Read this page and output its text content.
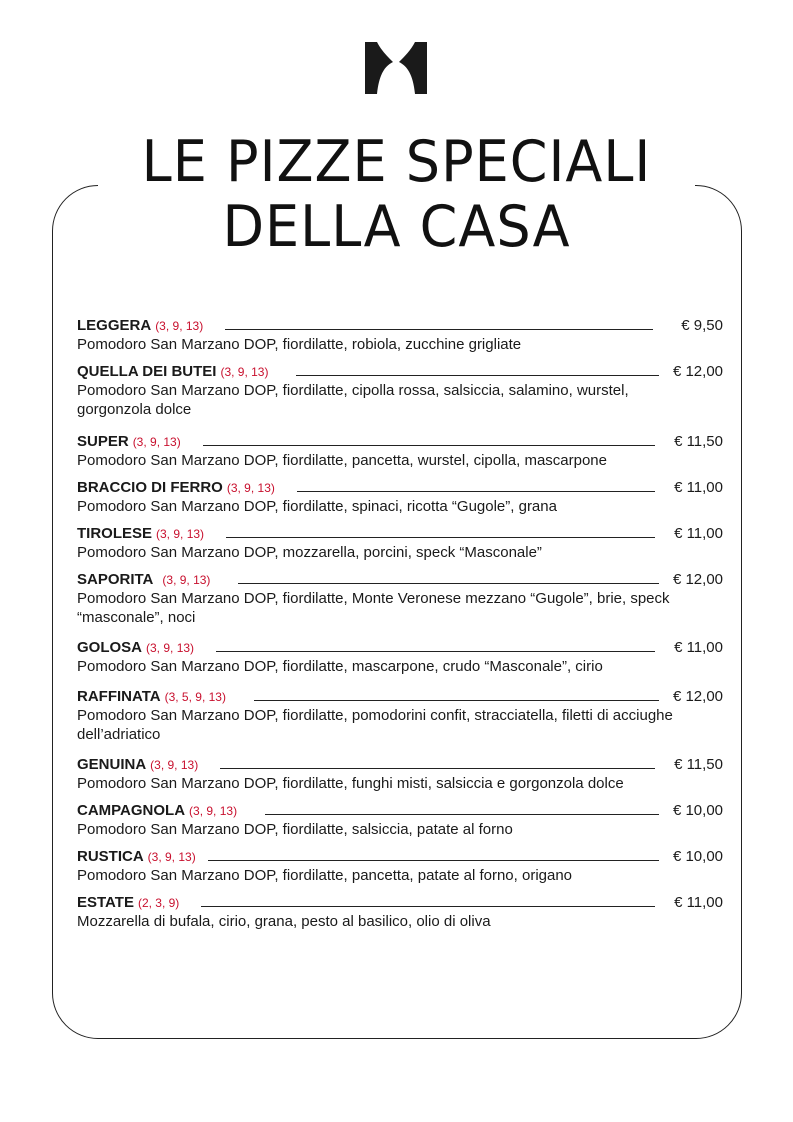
LE PIZZE SPECIALI
DELLA CASA
LEGGERA (3, 9, 13)	€ 9,50
Pomodoro San Marzano DOP, fiordilatte, robiola, zucchine grigliate
QUELLA DEI BUTEI (3, 9, 13)	€ 12,00
Pomodoro San Marzano DOP, fiordilatte, cipolla rossa, salsiccia, salamino, wurstel, gorgonzola dolce
SUPER (3, 9, 13)	€ 11,50
Pomodoro San Marzano DOP, fiordilatte, pancetta, wurstel, cipolla, mascarpone
BRACCIO DI FERRO (3, 9, 13)	€ 11,00
Pomodoro San Marzano DOP, fiordilatte, spinaci, ricotta “Gugole”, grana
TIROLESE (3, 9, 13)	€ 11,00
Pomodoro San Marzano DOP, mozzarella, porcini, speck “Masconale”
SAPORITA (3, 9, 13)	€ 12,00
Pomodoro San Marzano DOP, fiordilatte, Monte Veronese mezzano “Gugole”, brie, speck “masconale”, noci
GOLOSA (3, 9, 13)	€ 11,00
Pomodoro San Marzano DOP, fiordilatte, mascarpone, crudo “Masconale”, cirio
RAFFINATA (3, 5, 9, 13)	€ 12,00
Pomodoro San Marzano DOP, fiordilatte, pomodorini confit, stracciatella, filetti di acciughe dell’adriatico
GENUINA (3, 9, 13)	€ 11,50
Pomodoro San Marzano DOP, fiordilatte, funghi misti, salsiccia e gorgonzola dolce
CAMPAGNOLA (3, 9, 13)	€ 10,00
Pomodoro San Marzano DOP, fiordilatte, salsiccia, patate al forno
RUSTICA (3, 9, 13)	€ 10,00
Pomodoro San Marzano DOP, fiordilatte, pancetta, patate al forno, origano
ESTATE (2, 3, 9)	€ 11,00
Mozzarella di bufala, cirio, grana, pesto al basilico, olio di oliva
